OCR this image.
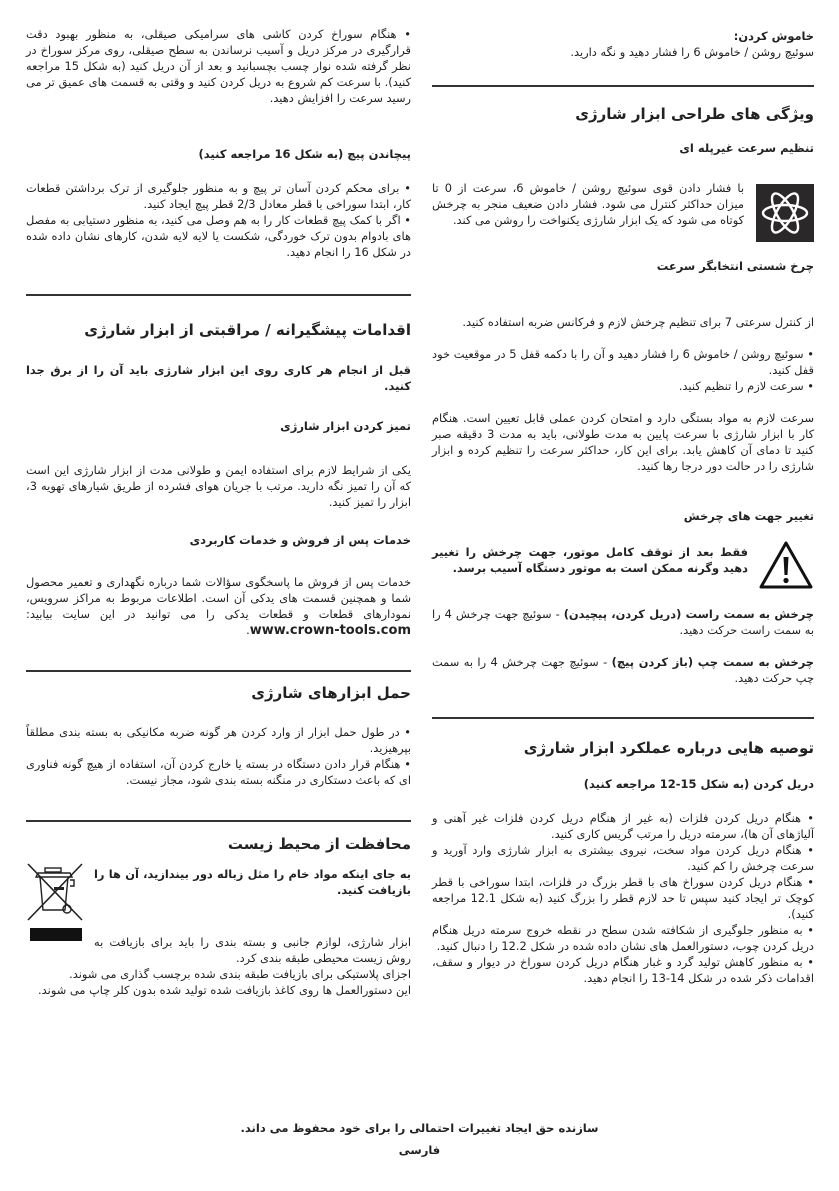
خاموش کردن:

سوئیچ روشن / خاموش 6 را فشار دهید و نگه دارید.

ویژگی های طراحی ابزار شارژی
تنظیم سرعت غیرپله ای

با فشار دادن قوی سوئیچ روشن / خاموش 6، سرعت از 0 تا میزان حداکثر کنترل می شود. فشار دادن ضعیف منجر به چرخش کوتاه می شود که یک ابزار شارژی یکنواخت را روشن می کند.

چرخ شستی انتخابگر سرعت

از کنترل سرعتی 7 برای تنظیم چرخش لازم و فرکانس ضربه استفاده کنید.

• سوئیچ روشن / خاموش 6 را فشار دهید و آن را با دکمه قفل 5 در موقعیت خود قفل کنید.

• سرعت لازم را تنظیم کنید.

سرعت لازم به مواد بستگی دارد و امتحان کردن عملی قابل تعیین است. هنگام کار با ابزار شارژی با سرعت پایین به مدت طولانی، باید به مدت 3 دقیقه صبر کنید تا دمای آن کاهش یابد. برای این کار، حداکثر سرعت را تنظیم کرده و ابزار شارژی را در حالت دور درجا رها کنید.

تغییر جهت های چرخش

فقط بعد از توقف کامل موتور، جهت چرخش را تغییر دهید وگرنه ممکن است به موتور دستگاه آسیب برسد.

چرخش به سمت راست (دریل کردن، پیچیدن) - سوئیچ جهت چرخش 4 را به سمت راست حرکت دهید.

چرخش به سمت چپ (باز کردن پیچ) - سوئیچ جهت چرخش 4 را به سمت چپ حرکت دهید.

توصیه هایی درباره عملکرد ابزار شارژی
دریل کردن (به شکل 15-12 مراجعه کنید)

• هنگام دریل کردن فلزات (به غیر از هنگام دریل کردن فلزات غیر آهنی و آلیاژهای آن ها)، سرمته دریل را مرتب گریس کاری کنید.

• هنگام دریل کردن مواد سخت، نیروی بیشتری به ابزار شارژی وارد آورید و سرعت چرخش را کم کنید.

• هنگام دریل کردن سوراخ های با قطر بزرگ در فلزات، ابتدا سوراخی با قطر کوچک تر ایجاد کنید سپس تا حد لازم قطر را بزرگ کنید (به شکل 12.1 مراجعه کنید).

• به منظور جلوگیری از شکافته شدن سطح در نقطه خروج سرمته دریل هنگام دریل کردن چوب، دستورالعمل های نشان داده شده در شکل 12.2 را دنبال کنید.

• به منظور کاهش تولید گرد و غبار هنگام دریل کردن سوراخ در دیوار و سقف، اقدامات ذکر شده در شکل 14-13 را انجام دهید.

• هنگام سوراخ کردن کاشی های سرامیکی صیقلی، به منظور بهبود دقت قرارگیری در مرکز دریل و آسیب نرساندن به سطح صیقلی، روی مرکز سوراخ در نظر گرفته شده نوار چسب بچسبانید و بعد از آن دریل کنید (به شکل 15 مراجعه کنید). با سرعت کم شروع به دریل کردن کنید و وقتی به قسمت های عمیق تر می رسید سرعت را افزایش دهید.

پیچاندن پیچ (به شکل 16 مراجعه کنید)

• برای محکم کردن آسان تر پیچ و به منظور جلوگیری از ترک برداشتن قطعات کار، ابتدا سوراخی با قطر معادل 2/3 قطر پیچ ایجاد کنید.

• اگر با کمک پیچ قطعات کار را به هم وصل می کنید، به منظور دستیابی به مفصل های بادوام بدون ترک خوردگی، شکست یا لایه لایه شدن، کارهای نشان داده شده در شکل 16 را انجام دهید.

اقدامات پیشگیرانه / مراقبتی از ابزار شارژی

قبل از انجام هر کاری روی این ابزار شارژی باید آن را از برق جدا کنید.

تمیز کردن ابزار شارژی

یکی از شرایط لازم برای استفاده ایمن و طولانی مدت از ابزار شارژی این است که آن را تمیز نگه دارید. مرتب با جریان هوای فشرده از طریق شیارهای تهویه 3، ابزار را تمیز کنید.

خدمات پس از فروش و خدمات کاربردی

خدمات پس از فروش ما پاسخگوی سؤالات شما درباره نگهداری و تعمیر محصول شما و همچنین قسمت های یدکی آن است. اطلاعات مربوط به مراکز سرویس، نمودارهای قطعات و قطعات یدکی را می توانید در این سایت بیابید: www.crown-tools.com.

حمل ابزارهای شارژی

• در طول حمل ابزار از وارد کردن هر گونه ضربه مکانیکی به بسته بندی مطلقاً بپرهیزید.

• هنگام قرار دادن دستگاه در بسته یا خارج کردن آن، استفاده از هیچ گونه فناوری ای که باعث دستکاری در منگنه بسته بندی شود، مجاز نیست.

محافظت از محیط زیست

به جای اینکه مواد خام را مثل زباله دور بیندازید، آن ها را بازیافت کنید.

ابزار شارژی، لوازم جانبی و بسته بندی را باید برای بازیافت به روش زیست محیطی طبقه بندی کرد.

اجزای پلاستیکی برای بازیافت طبقه بندی شده برچسب گذاری می شوند.

این دستورالعمل ها روی کاغذ بازیافت شده تولید شده بدون کلر چاپ می شوند.

سازنده حق ایجاد تغییرات احتمالی را برای خود محفوظ می داند.

فارسی
